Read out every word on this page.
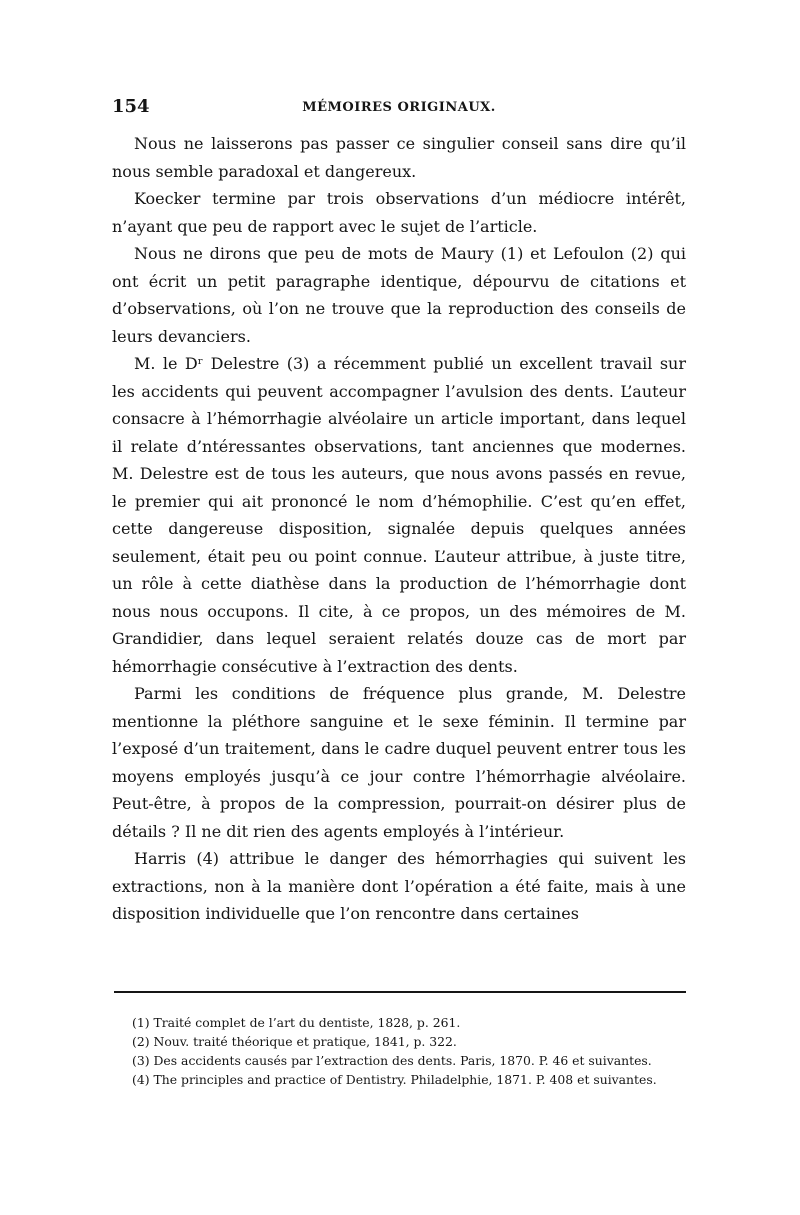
154	MÉMOIRES ORIGINAUX.

Nous ne laisserons pas passer ce singulier conseil sans dire qu’il nous semble paradoxal et dangereux.

Koecker termine par trois observations d’un médiocre intérêt, n’ayant que peu de rapport avec le sujet de l’article.

Nous ne dirons que peu de mots de Maury (1) et Lefoulon (2) qui ont écrit un petit paragraphe identique, dépourvu de citations et d’observations, où l’on ne trouve que la reproduction des conseils de leurs devanciers.

M. le Dʳ Delestre (3) a récemment publié un excellent travail sur les accidents qui peuvent accompagner l’avulsion des dents. L’auteur consacre à l’hémorrhagie alvéolaire un article important, dans lequel il relate d’ntéressantes observations, tant anciennes que modernes. M. Delestre est de tous les auteurs, que nous avons passés en revue, le premier qui ait prononcé le nom d’hémophilie. C’est qu’en effet, cette dangereuse disposition, signalée depuis quelques années seulement, était peu ou point connue. L’auteur attribue, à juste titre, un rôle à cette diathèse dans la production de l’hémorrhagie dont nous nous occupons. Il cite, à ce propos, un des mémoires de M. Grandidier, dans lequel seraient relatés douze cas de mort par hémorrhagie consécutive à l’extraction des dents.

Parmi les conditions de fréquence plus grande, M. Delestre mentionne la pléthore sanguine et le sexe féminin. Il termine par l’exposé d’un traitement, dans le cadre duquel peuvent entrer tous les moyens employés jusqu’à ce jour contre l’hémorrhagie alvéolaire. Peut-être, à propos de la compression, pourrait-on désirer plus de détails ? Il ne dit rien des agents employés à l’intérieur.

Harris (4) attribue le danger des hémorrhagies qui suivent les extractions, non à la manière dont l’opération a été faite, mais à une disposition individuelle que l’on rencontre dans certaines

(1) Traité complet de l’art du dentiste, 1828, p. 261.

(2) Nouv. traité théorique et pratique, 1841, p. 322.

(3) Des accidents causés par l’extraction des dents. Paris, 1870. P. 46 et suivantes.

(4) The principles and practice of Dentistry. Philadelphie, 1871. P. 408 et suivantes.
